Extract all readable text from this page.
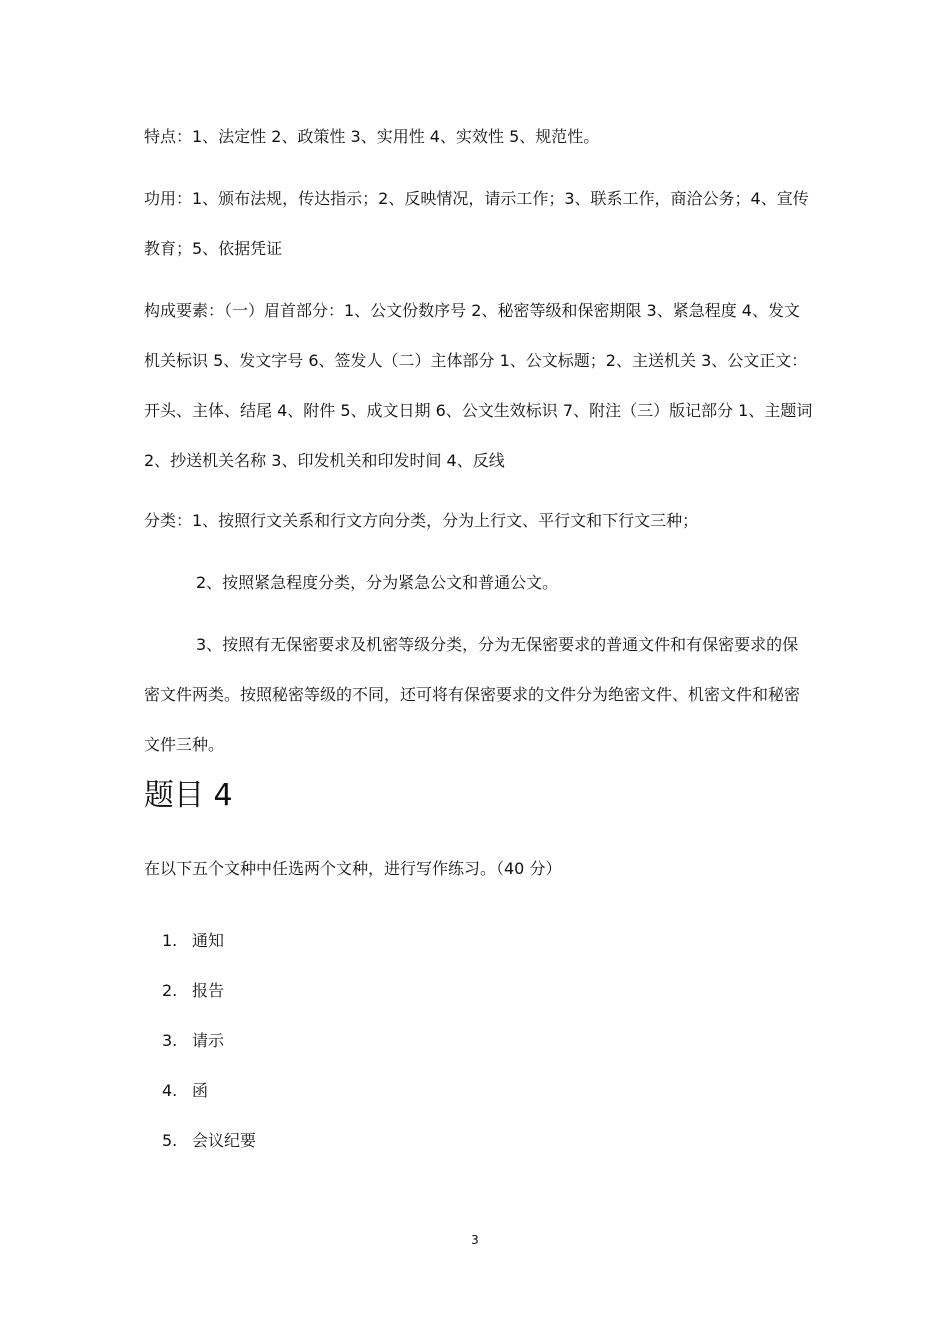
特点：1、法定性 2、政策性 3、实用性 4、实效性 5、规范性。

功用：1、颁布法规，传达指示；2、反映情况，请示工作；3、联系工作，商洽公务；4、宣传教育；5、依据凭证

构成要素：（一）眉首部分：1、公文份数序号 2、秘密等级和保密期限 3、紧急程度 4、发文机关标识 5、发文字号 6、签发人（二）主体部分 1、公文标题；2、主送机关 3、公文正文：开头、主体、结尾 4、附件 5、成文日期 6、公文生效标识 7、附注（三）版记部分 1、主题词 2、抄送机关名称 3、印发机关和印发时间 4、反线

分类：1、按照行文关系和行文方向分类，分为上行文、平行文和下行文三种；

2、按照紧急程度分类，分为紧急公文和普通公文。

3、按照有无保密要求及机密等级分类，分为无保密要求的普通文件和有保密要求的保密文件两类。按照秘密等级的不同，还可将有保密要求的文件分为绝密文件、机密文件和秘密文件三种。

题目 4

在以下五个文种中任选两个文种，进行写作练习。（40 分）

1. 通知
2. 报告
3. 请示
4. 函
5. 会议纪要
3
